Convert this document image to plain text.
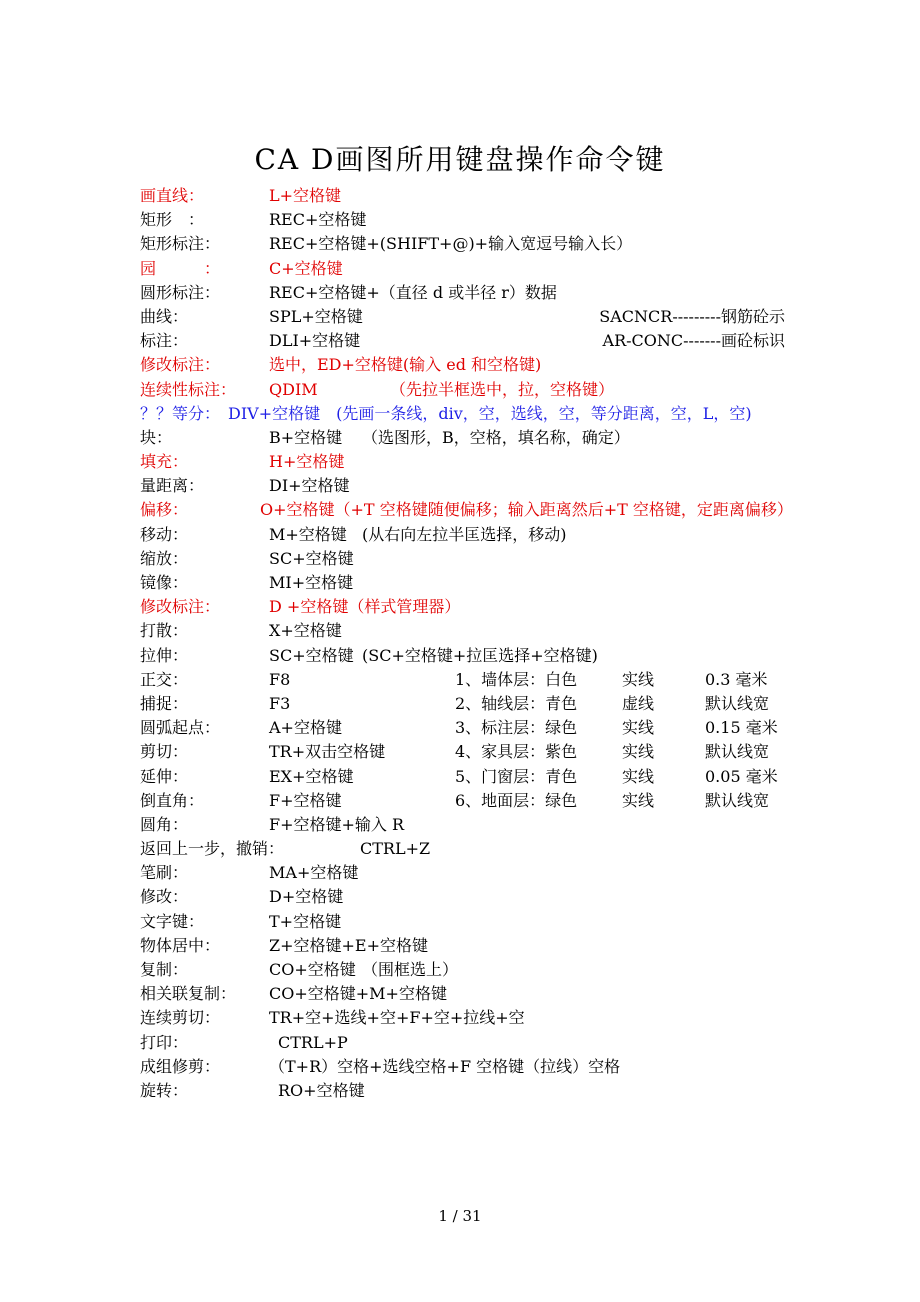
CA D画图所用键盘操作命令键
画直线：	L+空格键
矩形　：	REC+空格键
矩形标注：	REC+空格键+(SHIFT+@)+输入宽逗号输入长）
园　　　：	C+空格键
圆形标注：	REC+空格键+（直径 d 或半径 r）数据
曲线：	SPL+空格键	SACNCR---------钢筋砼示
标注：	DLI+空格键	AR-CONC-------画砼标识
修改标注：	选中，ED+空格键(输入 ed 和空格键)
连续性标注： QDIM	（先拉半框选中，拉，空格键）
？？等分：　DIV+空格键　(先画一条线，div，空，选线，空，等分距离，空，L，空)
块：	B+空格键 （选图形，B，空格，填名称，确定）
填充：	H+空格键
量距离：	DI+空格键
偏移：　　　　　O+空格键（+T 空格键随便偏移；输入距离然后+T 空格键，定距离偏移）
移动：	M+空格键 (从右向左拉半匡选择，移动)
缩放：	SC+空格键
镜像：	MI+空格键
修改标注：	D +空格键（样式管理器）
打散：	X+空格键
拉伸：	SC+空格键 (SC+空格键+拉匡选择+空格键)
正交：	F8	1、墙体层：白色	实线	0.3 毫米
捕捉：	F3	2、轴线层：青色	虚线	默认线宽
圆弧起点：	A+空格键	3、标注层：绿色	实线	0.15 毫米
剪切：	TR+双击空格键	4、家具层：紫色	实线	默认线宽
延伸：	EX+空格键	5、门窗层：青色	实线	0.05 毫米
倒直角：	F+空格键	6、地面层：绿色	实线	默认线宽
圆角：	F+空格键+输入 R
返回上一步，撤销：	CTRL+Z
笔刷：	MA+空格键
修改：	D+空格键
文字键：	T+空格键
物体居中：	Z+空格键+E+空格键
复制：	CO+空格键 （围框选上）
相关联复制： CO+空格键+M+空格键
连续剪切：	TR+空+选线+空+F+空+拉线+空
打印：	CTRL+P
成组修剪：	（T+R）空格+选线空格+F 空格键（拉线）空格
旋转：	RO+空格键
1 / 31
